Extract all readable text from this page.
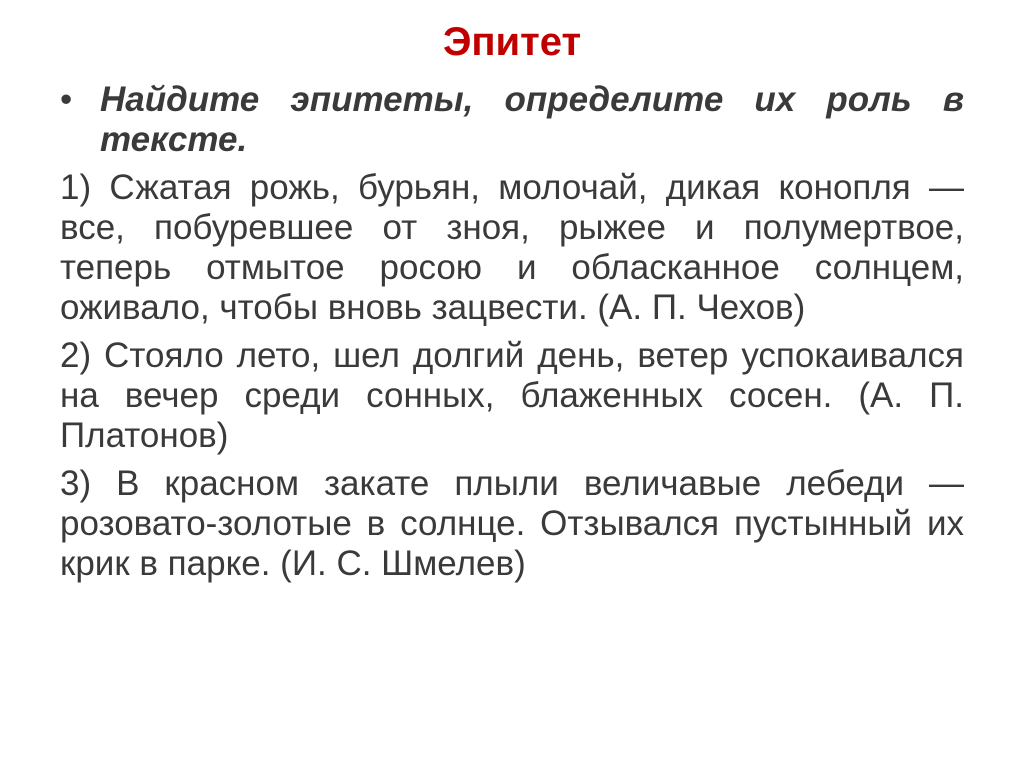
Эпитет
• Найдите эпитеты, определите их роль в тексте.
1) Сжатая рожь, бурьян, молочай, дикая конопля — все, побуревшее от зноя, рыжее и полумертвое, теперь отмытое росою и обласканное солнцем, оживало, чтобы вновь зацвести. (А. П. Чехов)
2) Стояло лето, шел долгий день, ветер успокаивался на вечер среди сонных, блаженных сосен. (А. П. Платонов)
3) В красном закате плыли величавые лебеди — розовато-золотые в солнце. Отзывался пустынный их крик в парке. (И. С. Шмелев)
